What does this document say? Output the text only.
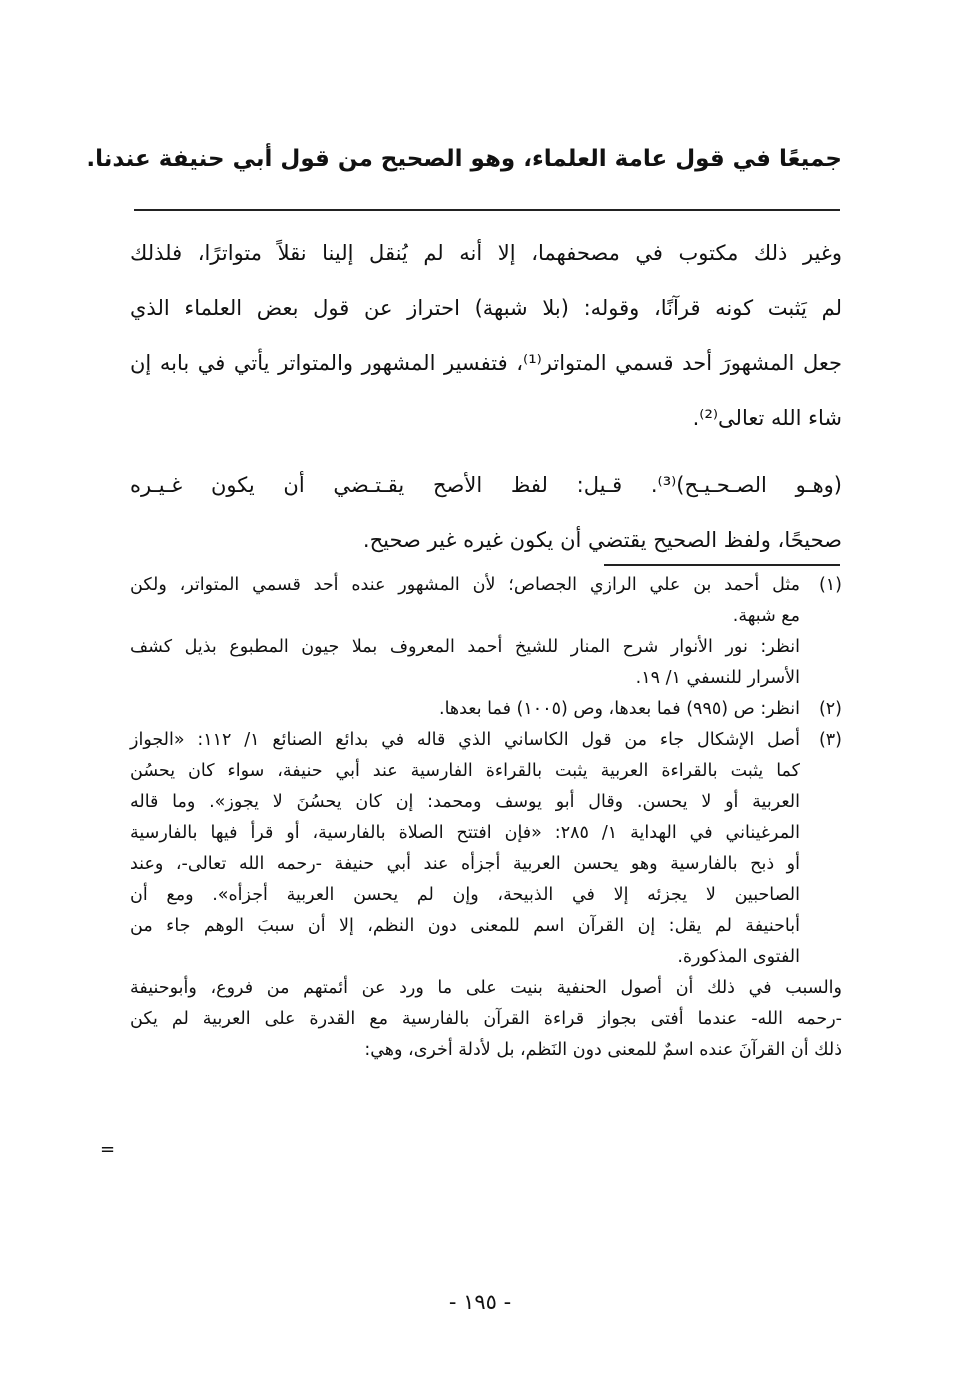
جميعًا في قول عامة العلماء، وهو الصحيح من قول أبي حنيفة عندنا.
وغير ذلك مكتوب في مصحفهما، إلا أنه لم يُنقل إلينا نقلاً متواترًا، فلذلك
لم يَثبت كونه قرآنًا، وقوله: (بلا شبهة) احتراز عن قول بعض العلماء الذي
جعل المشهورَ أحد قسمي المتواتر⁽¹⁾، فتفسير المشهور والمتواتر يأتي في بابه إن
شاء الله تعالى⁽²⁾.
(وهـو الصـحـيـح)⁽³⁾. قـيل: لفظ الأصح يقـتـضي أن يكون غـيـره
صحيحًا، ولفظ الصحيح يقتضي أن يكون غيره غير صحيح.
(١)مثل أحمد بن علي الرازي الجصاص؛ لأن المشهور عنده أحد قسمي المتواتر، ولكن
مع شبهة.
انظر: نور الأنوار شرح المنار للشيخ أحمد المعروف بملا جيون المطبوع بذيل كشف
الأسرار للنسفي ١/ ١٩.
(٢)انظر: ص (٩٩٥) فما بعدها، وص (١٠٠٥) فما بعدها.
(٣)أصل الإشكال جاء من قول الكاساني الذي قاله في بدائع الصنائع ١/ ١١٢: «الجواز
كما يثبت بالقراءة العربية يثبت بالقراءة الفارسية عند أبي حنيفة، سواء كان يحسُن
العربية أو لا يحسن. وقال أبو يوسف ومحمد: إن كان يحسُنَ لا يجوز». وما قاله
المرغيناني في الهداية ١/ ٢٨٥: «فإن افتتح الصلاة بالفارسية، أو قرأ فيها بالفارسية
أو ذبح بالفارسية وهو يحسن العربية أجزأه عند أبي حنيفة -رحمه الله تعالى-، وعند
الصاحبين لا يجزئه إلا في الذبيحة، وإن لم يحسن العربية أجزأه». ومع أن
أباحنيفة لم يقل: إن القرآن اسم للمعنى دون النظم، إلا أن سببَ الوهم جاء من
الفتوى المذكورة.
والسبب في ذلك أن أصول الحنفية بنيت على ما ورد عن أئمتهم من فروع، وأبوحنيفة
-رحمه الله- عندما أفتى بجواز قراءة القرآن بالفارسية مع القدرة على العربية لم يكن
ذلك أن القرآنَ عنده اسمٌ للمعنى دون النَظم، بل لأدلة أخرى، وهي:
=
- ١٩٥ -
